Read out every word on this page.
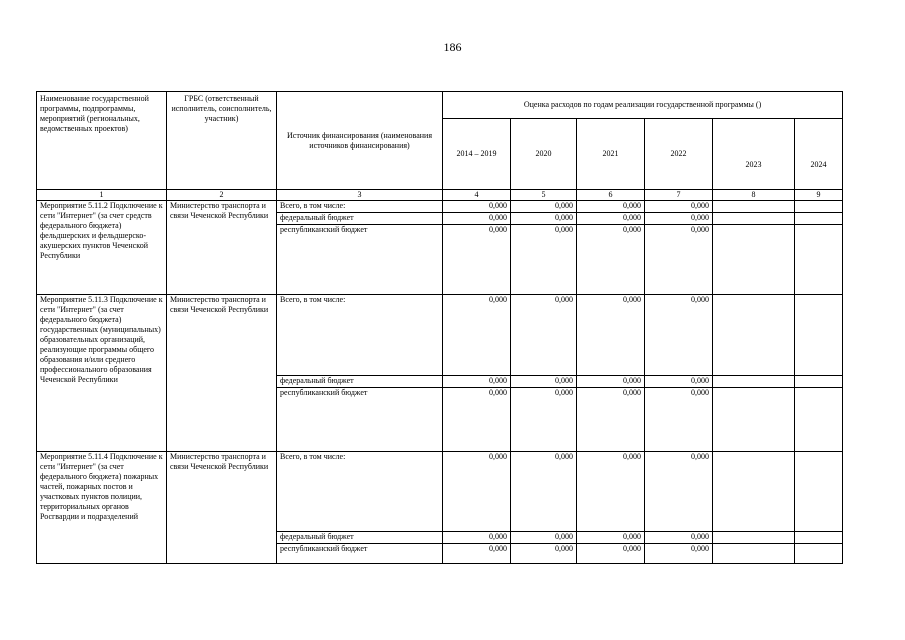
186
Наименование государственной программы, подпрограммы, мероприятий (региональных, ведомственных проектов)	ГРБС (ответственный исполнитель, соисполнитель, участник)	Источник финансирования (наименования источников финансирования)	Оценка расходов по годам реализации государственной программы ()					
			2014 – 2019	2020	2021	2022	2023	2024
1	2	3	4	5	6	7	8	9
Мероприятие 5.11.2 Подключение к сети "Интернет" (за счет средств федерального бюджета) фельдшерских и фельдшерско-акушерских пунктов Чеченской Республики	Министерство транспорта и связи Чеченской Республики	Всего, в том числе:	0,000	0,000	0,000	0,000		
		федеральный бюджет	0,000	0,000	0,000	0,000		
		республиканский бюджет	0,000	0,000	0,000	0,000		
Мероприятие 5.11.3 Подключение к сети "Интернет" (за счет федерального бюджета) государственных (муниципальных) образовательных организаций, реализующие программы общего образования и/или среднего профессионального образования Чеченской Республики	Министерство транспорта и связи Чеченской Республики	Всего, в том числе:	0,000	0,000	0,000	0,000		
		федеральный бюджет	0,000	0,000	0,000	0,000		
		республиканский бюджет	0,000	0,000	0,000	0,000		
Мероприятие 5.11.4 Подключение к сети "Интернет" (за счет федерального бюджета) пожарных частей, пожарных постов и участковых пунктов полиции, территориальных органов Росгвардии и подразделений	Министерство транспорта и связи Чеченской Республики	Всего, в том числе:	0,000	0,000	0,000	0,000		
		федеральный бюджет	0,000	0,000	0,000	0,000		
		республиканский бюджет	0,000	0,000	0,000	0,000		
